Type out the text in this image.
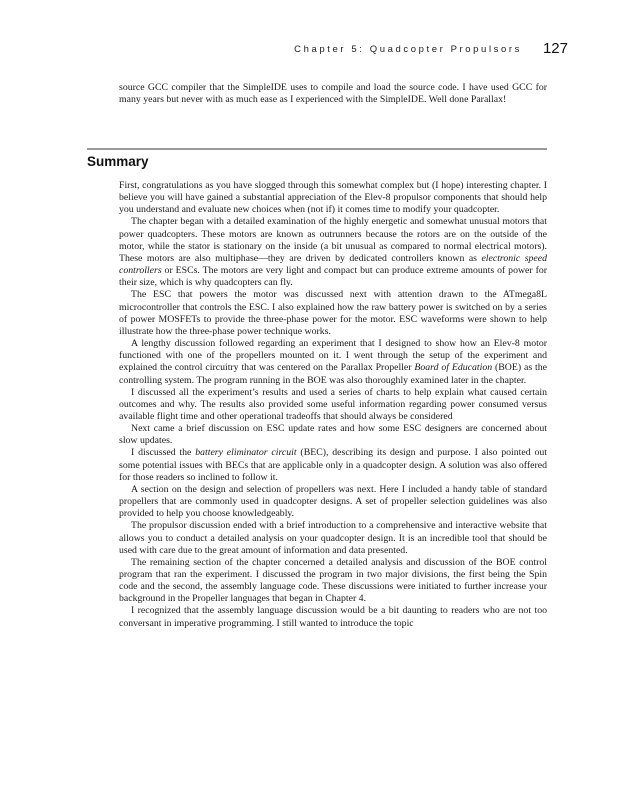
Chapter 5: Quadcopter Propulsors 127

source GCC compiler that the SimpleIDE uses to compile and load the source code. I have used GCC for many years but never with as much ease as I experienced with the SimpleIDE. Well done Parallax!

Summary

First, congratulations as you have slogged through this somewhat complex but (I hope) interesting chapter. I believe you will have gained a substantial appreciation of the Elev-8 propulsor components that should help you understand and evaluate new choices when (not if) it comes time to modify your quadcopter.

The chapter began with a detailed examination of the highly energetic and somewhat unusual motors that power quadcopters. These motors are known as outrunners because the rotors are on the outside of the motor, while the stator is stationary on the inside (a bit unusual as compared to normal electrical motors). These motors are also multiphase—they are driven by dedicated controllers known as electronic speed controllers or ESCs. The motors are very light and compact but can produce extreme amounts of power for their size, which is why quadcopters can fly.

The ESC that powers the motor was discussed next with attention drawn to the ATmega8L microcontroller that controls the ESC. I also explained how the raw battery power is switched on by a series of power MOSFETs to provide the three-phase power for the motor. ESC waveforms were shown to help illustrate how the three-phase power technique works.

A lengthy discussion followed regarding an experiment that I designed to show how an Elev-8 motor functioned with one of the propellers mounted on it. I went through the setup of the experiment and explained the control circuitry that was centered on the Parallax Propeller Board of Education (BOE) as the controlling system. The program running in the BOE was also thoroughly examined later in the chapter.

I discussed all the experiment’s results and used a series of charts to help explain what caused certain outcomes and why. The results also provided some useful information regarding power consumed versus available flight time and other operational tradeoffs that should always be considered

Next came a brief discussion on ESC update rates and how some ESC designers are concerned about slow updates.

I discussed the battery eliminator circuit (BEC), describing its design and purpose. I also pointed out some potential issues with BECs that are applicable only in a quadcopter design. A solution was also offered for those readers so inclined to follow it.

A section on the design and selection of propellers was next. Here I included a handy table of standard propellers that are commonly used in quadcopter designs. A set of propeller selection guidelines was also provided to help you choose knowledgeably.

The propulsor discussion ended with a brief introduction to a comprehensive and interactive website that allows you to conduct a detailed analysis on your quadcopter design. It is an incredible tool that should be used with care due to the great amount of information and data presented.

The remaining section of the chapter concerned a detailed analysis and discussion of the BOE control program that ran the experiment. I discussed the program in two major divisions, the first being the Spin code and the second, the assembly language code. These discussions were initiated to further increase your background in the Propeller languages that began in Chapter 4.

I recognized that the assembly language discussion would be a bit daunting to readers who are not too conversant in imperative programming. I still wanted to introduce the topic
